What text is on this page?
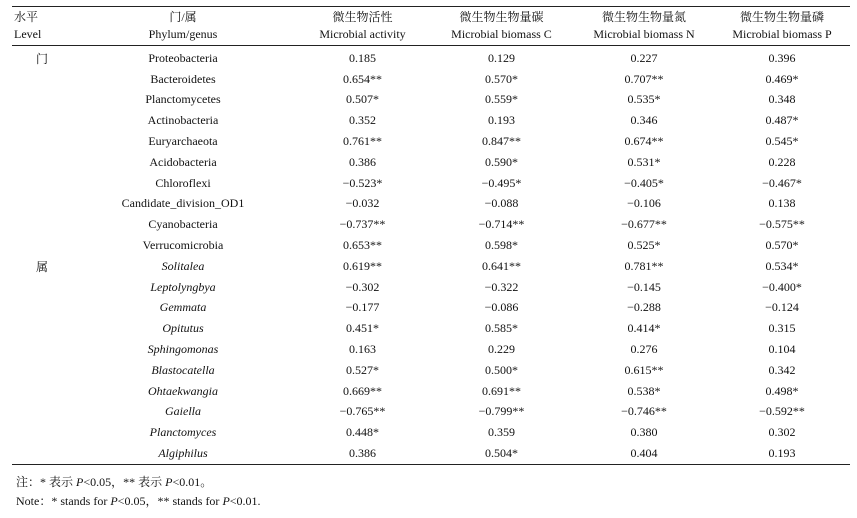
水平	门/属	微生物活性	微生物生物量碳	微生物生物量氮	微生物生物量磷
Level	Phylum/genus	Microbial activity	Microbial biomass C	Microbial biomass N	Microbial biomass P
门	Proteobacteria	0.185	0.129	0.227	0.396
	Bacteroidetes	0.654**	0.570*	0.707**	0.469*
	Planctomycetes	0.507*	0.559*	0.535*	0.348
	Actinobacteria	0.352	0.193	0.346	0.487*
	Euryarchaeota	0.761**	0.847**	0.674**	0.545*
	Acidobacteria	0.386	0.590*	0.531*	0.228
	Chloroflexi	−0.523*	−0.495*	−0.405*	−0.467*
	Candidate_division_OD1	−0.032	−0.088	−0.106	0.138
	Cyanobacteria	−0.737**	−0.714**	−0.677**	−0.575**
	Verrucomicrobia	0.653**	0.598*	0.525*	0.570*
属	Solitalea	0.619**	0.641**	0.781**	0.534*
	Leptolyngbya	−0.302	−0.322	−0.145	−0.400*
	Gemmata	−0.177	−0.086	−0.288	−0.124
	Opitutus	0.451*	0.585*	0.414*	0.315
	Sphingomonas	0.163	0.229	0.276	0.104
	Blastocatella	0.527*	0.500*	0.615**	0.342
	Ohtaekwangia	0.669**	0.691**	0.538*	0.498*
	Gaiella	−0.765**	−0.799**	−0.746**	−0.592**
	Planctomyces	0.448*	0.359	0.380	0.302
	Algiphilus	0.386	0.504*	0.404	0.193
注：* 表示 P<0.05，** 表示 P<0.01。
Note：* stands for P<0.05，** stands for P<0.01.
